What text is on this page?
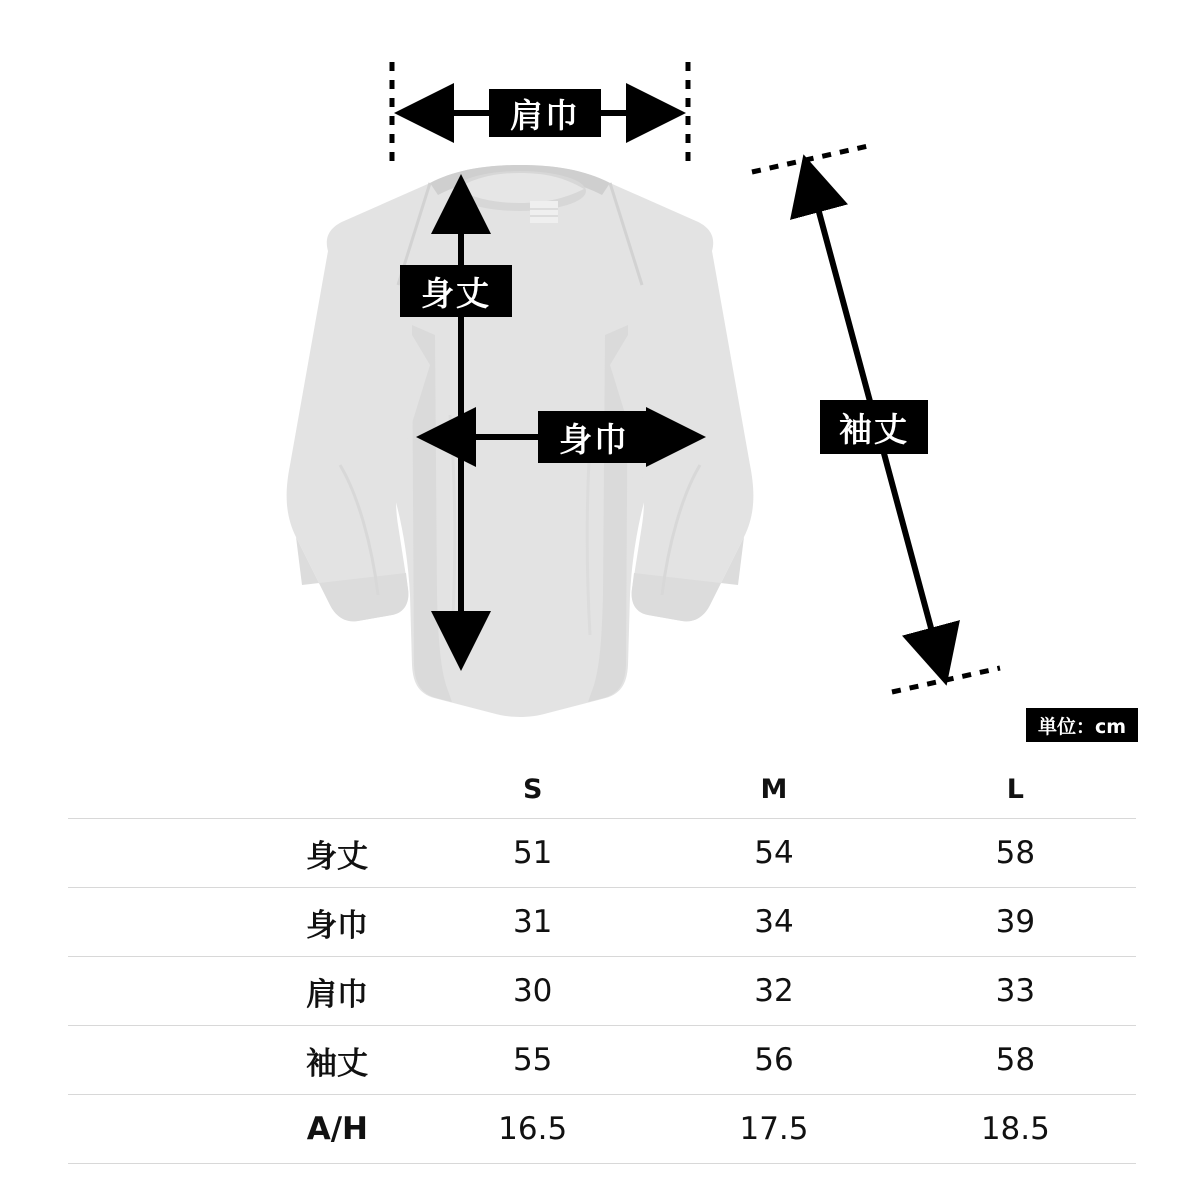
肩巾
身丈
身巾	袖丈
単位：cm
	S	M	L
身丈	51	54	58
身巾	31	34	39
肩巾	30	32	33
袖丈	55	56	58
A/H	16.5	17.5	18.5
